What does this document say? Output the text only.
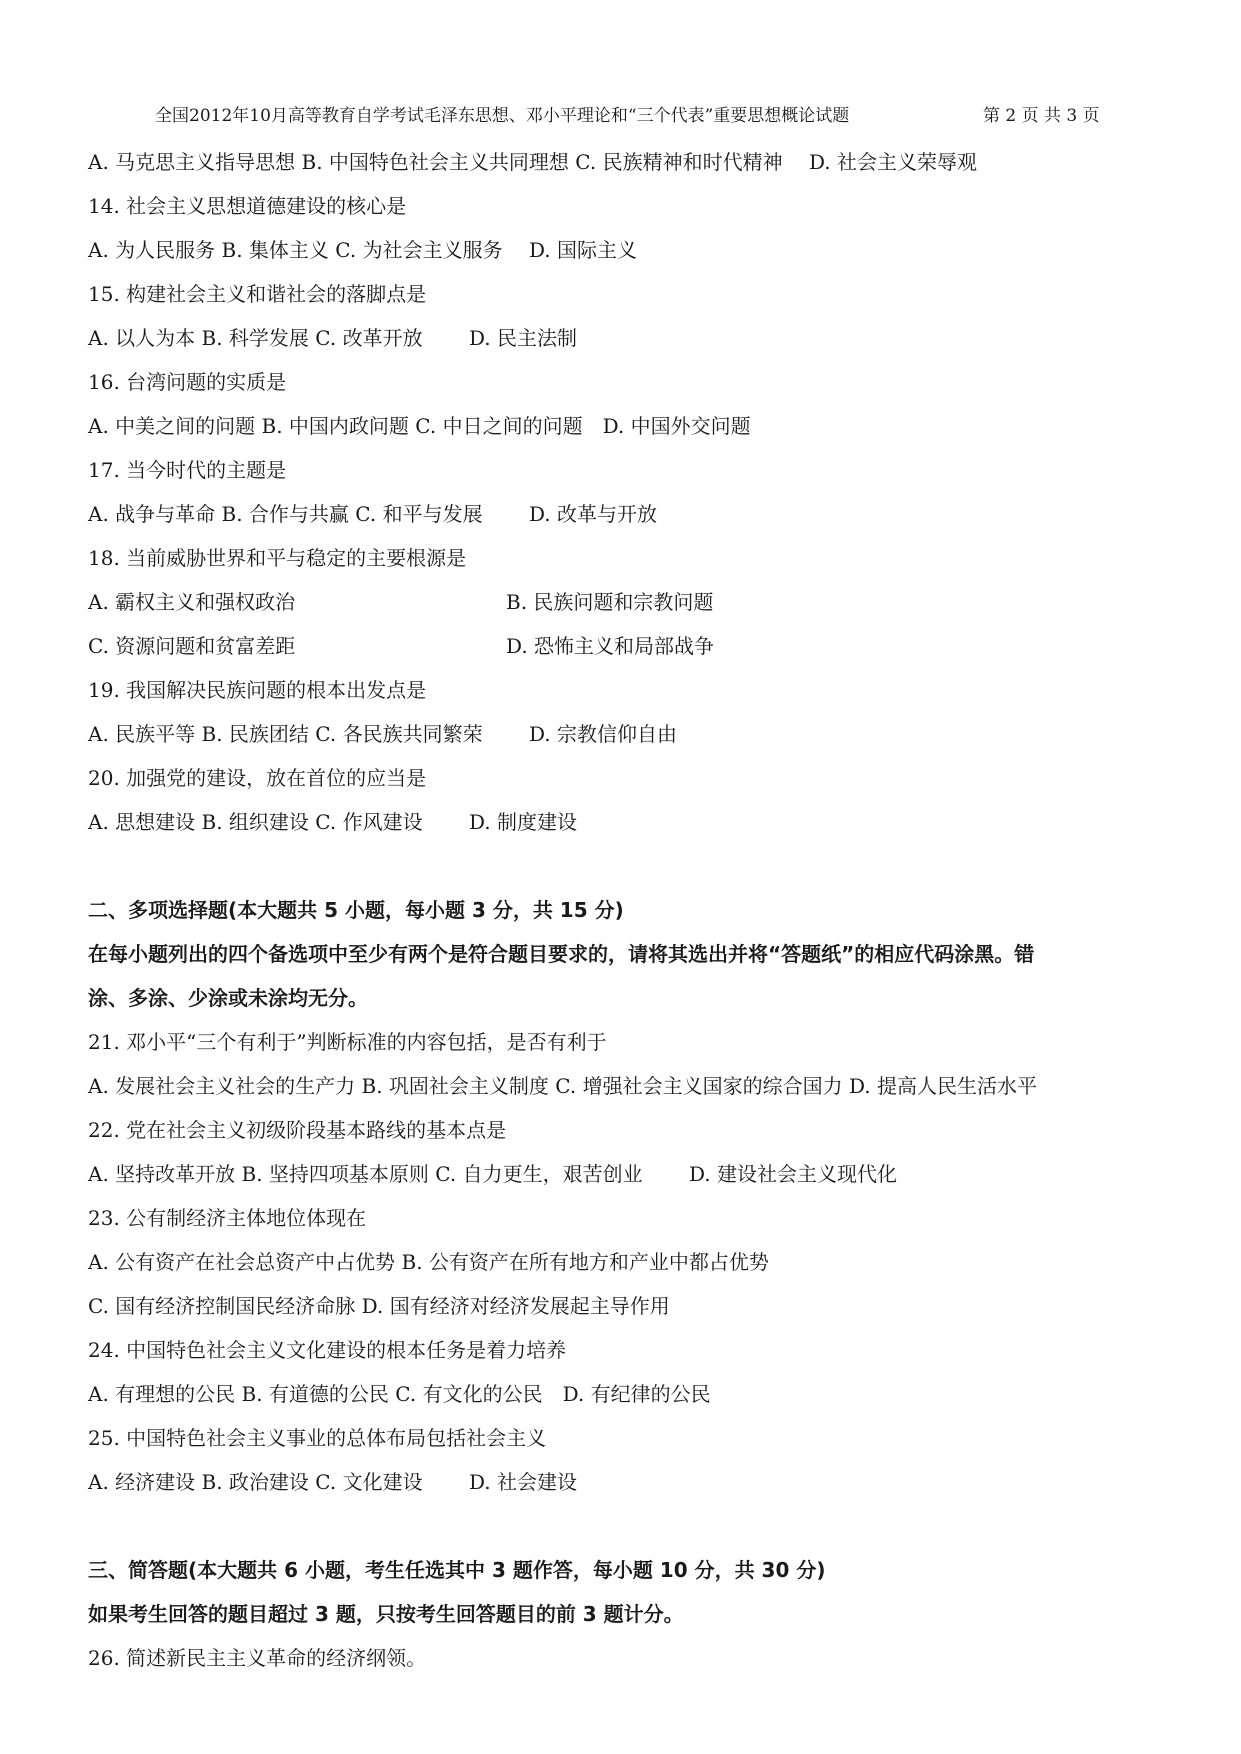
全国2012年10月高等教育自学考试毛泽东思想、邓小平理论和“三个代表”重要思想概论试题	第 2 页 共 3 页
A. 马克思主义指导思想 B. 中国特色社会主义共同理想 C. 民族精神和时代精神　 D. 社会主义荣辱观
14. 社会主义思想道德建设的核心是
A. 为人民服务 B. 集体主义 C. 为社会主义服务　 D. 国际主义
15. 构建社会主义和谐社会的落脚点是
A. 以人为本 B. 科学发展 C. 改革开放　　 D. 民主法制
16. 台湾问题的实质是
A. 中美之间的问题 B. 中国内政问题 C. 中日之间的问题　D. 中国外交问题
17. 当今时代的主题是
A. 战争与革命 B. 合作与共赢 C. 和平与发展　　 D. 改革与开放
18. 当前威胁世界和平与稳定的主要根源是
A. 霸权主义和强权政治	B. 民族问题和宗教问题
C. 资源问题和贫富差距	D. 恐怖主义和局部战争
19. 我国解决民族问题的根本出发点是
A. 民族平等 B. 民族团结 C. 各民族共同繁荣　　 D. 宗教信仰自由
20. 加强党的建设，放在首位的应当是
A. 思想建设 B. 组织建设 C. 作风建设　　 D. 制度建设
二、多项选择题(本大题共 5 小题，每小题 3 分，共 15 分)
在每小题列出的四个备选项中至少有两个是符合题目要求的，请将其选出并将“答题纸”的相应代码涂黑。错
涂、多涂、少涂或未涂均无分。
21. 邓小平“三个有利于”判断标准的内容包括，是否有利于
A. 发展社会主义社会的生产力 B. 巩固社会主义制度 C. 增强社会主义国家的综合国力 D. 提高人民生活水平
22. 党在社会主义初级阶段基本路线的基本点是
A. 坚持改革开放 B. 坚持四项基本原则 C. 自力更生，艰苦创业　　 D. 建设社会主义现代化
23. 公有制经济主体地位体现在
A. 公有资产在社会总资产中占优势 B. 公有资产在所有地方和产业中都占优势
C. 国有经济控制国民经济命脉 D. 国有经济对经济发展起主导作用
24. 中国特色社会主义文化建设的根本任务是着力培养
A. 有理想的公民 B. 有道德的公民 C. 有文化的公民　D. 有纪律的公民
25. 中国特色社会主义事业的总体布局包括社会主义
A. 经济建设 B. 政治建设 C. 文化建设　　 D. 社会建设
三、简答题(本大题共 6 小题，考生任选其中 3 题作答，每小题 10 分，共 30 分)
如果考生回答的题目超过 3 题，只按考生回答题目的前 3 题计分。
26. 简述新民主主义革命的经济纲领。
